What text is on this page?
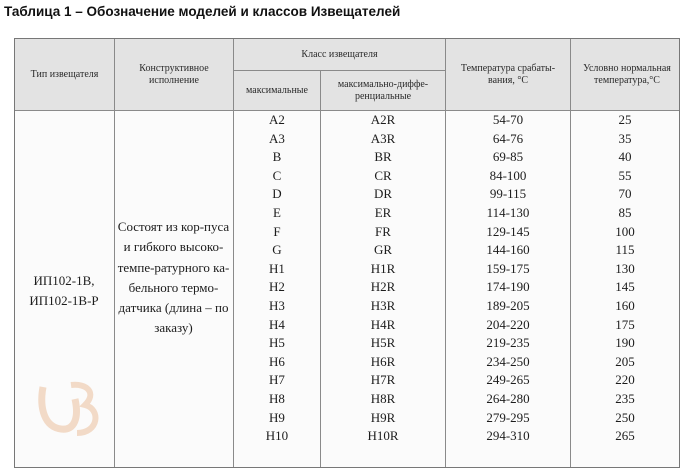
Таблица 1 – Обозначение моделей и классов Извещателей
Тип извещателя
Конструктивное исполнение
Класс извещателя
максимальные
максимально-диффе-ренциальные
Температура срабаты-вания, °С
Условно нормальная температура,°С
ИП102-1В, ИП102-1В-Р
Состоят из кор-пуса и гибкого высоко-темпе-ратурного ка-бельного термо-датчика (длина – по заказу)
A2
A3
B
C
D
E
F
G
H1
H2
H3
H4
H5
H6
H7
H8
H9
H10
A2R
A3R
BR
CR
DR
ER
FR
GR
H1R
H2R
H3R
H4R
H5R
H6R
H7R
H8R
H9R
H10R
54-70
64-76
69-85
84-100
99-115
114-130
129-145
144-160
159-175
174-190
189-205
204-220
219-235
234-250
249-265
264-280
279-295
294-310
25
35
40
55
70
85
100
115
130
145
160
175
190
205
220
235
250
265
